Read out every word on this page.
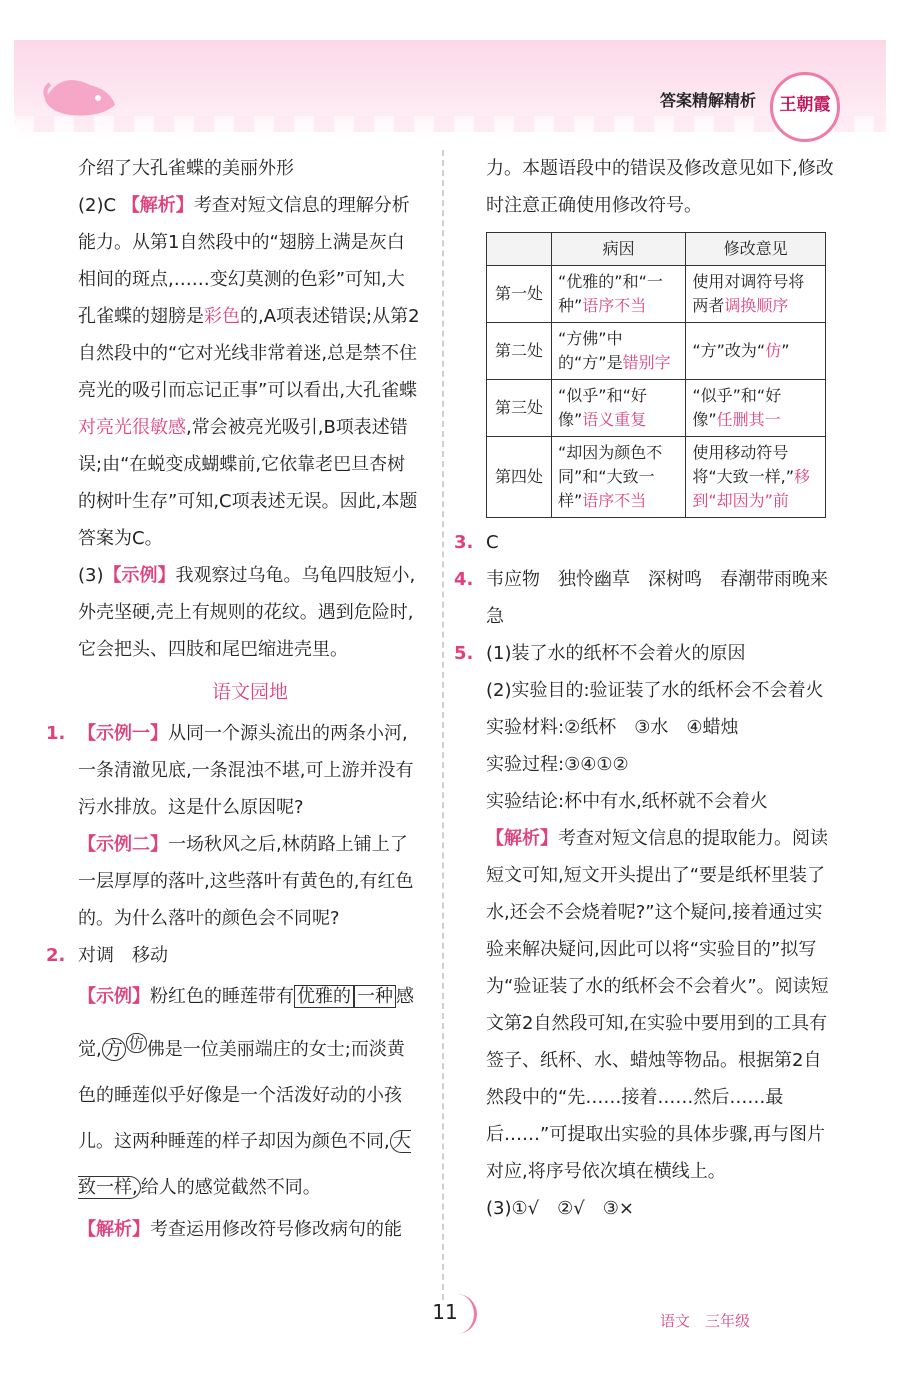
答案精解精析	王朝霞

介绍了大孔雀蝶的美丽外形

(2)C 【解析】考查对短文信息的理解分析能力。从第1自然段中的“翅膀上满是灰白相间的斑点,……变幻莫测的色彩”可知,大孔雀蝶的翅膀是彩色的,A项表述错误;从第2自然段中的“它对光线非常着迷,总是禁不住亮光的吸引而忘记正事”可以看出,大孔雀蝶对亮光很敏感,常会被亮光吸引,B项表述错误;由“在蜕变成蝴蝶前,它依靠老巴旦杏树的树叶生存”可知,C项表述无误。因此,本题答案为C。

(3)【示例】我观察过乌龟。乌龟四肢短小,外壳坚硬,壳上有规则的花纹。遇到危险时,它会把头、四肢和尾巴缩进壳里。

语文园地

1. 【示例一】从同一个源头流出的两条小河,一条清澈见底,一条混浊不堪,可上游并没有污水排放。这是什么原因呢?

【示例二】一场秋风之后,林荫路上铺上了一层厚厚的落叶,这些落叶有黄色的,有红色的。为什么落叶的颜色会不同呢?

2. 对调　移动

【示例】粉红色的睡莲带有 优雅的 一种 感觉, 方 $^仿$ 佛是一位美丽端庄的女士;而淡黄色的睡莲似乎好像是一个活泼好动的小孩儿。这两种睡莲的样子却因为颜色不同, 大致一样, 给人的感觉截然不同。

【解析】考查运用修改符号修改病句的能

力。本题语段中的错误及修改意见如下,修改时注意正确使用修改符号。

	病因	修改意见
第一处	“优雅的”和“一种”语序不当	使用对调符号将两者调换顺序
第二处	“方佛”中的“方”是错别字	“方”改为“仿”
第三处	“似乎”和“好像”语义重复	“似乎”和“好像”任删其一
第四处	“却因为颜色不同”和“大致一样”语序不当	使用移动符号将“大致一样,”移到“却因为”前

3. C

4. 韦应物　独怜幽草　深树鸣　春潮带雨晚来急

5. (1)装了水的纸杯不会着火的原因

(2)实验目的:验证装了水的纸杯会不会着火

实验材料:②纸杯　③水　④蜡烛

实验过程:③④①②

实验结论:杯中有水,纸杯就不会着火

【解析】考查对短文信息的提取能力。阅读短文可知,短文开头提出了“要是纸杯里装了水,还会不会烧着呢?”这个疑问,接着通过实验来解决疑问,因此可以将“实验目的”拟写为“验证装了水的纸杯会不会着火”。阅读短文第2自然段可知,在实验中要用到的工具有签子、纸杯、水、蜡烛等物品。根据第2自然段中的“先……接着……然后……最后……”可提取出实验的具体步骤,再与图片对应,将序号依次填在横线上。

(3)①√　②√　③×

11	语文　三年级
